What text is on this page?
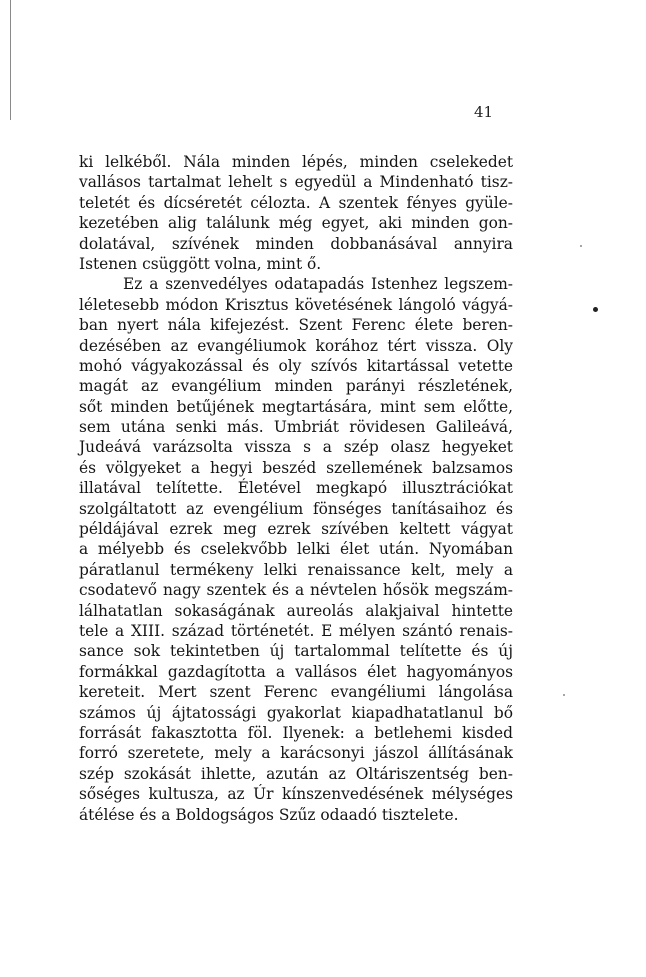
41
ki lelkéből. Nála minden lépés, minden cselekedet
vallásos tartalmat lehelt s egyedül a Mindenható tisz-
teletét és dícséretét célozta. A szentek fényes gyüle-
kezetében alig találunk még egyet, aki minden gon-
dolatával, szívének minden dobbanásával annyira
Istenen csüggött volna, mint ő.
Ez a szenvedélyes odatapadás Istenhez legszem-
léletesebb módon Krisztus követésének lángoló vágyá-
ban nyert nála kifejezést. Szent Ferenc élete beren-
dezésében az evangéliumok korához tért vissza. Oly
mohó vágyakozással és oly szívós kitartással vetette
magát az evangélium minden parányi részletének,
sőt minden betűjének megtartására, mint sem előtte,
sem utána senki más. Umbriát rövidesen Galileává,
Judeává varázsolta vissza s a szép olasz hegyeket
és völgyeket a hegyi beszéd szellemének balzsamos
illatával telítette. Életével megkapó illusztrációkat
szolgáltatott az evengélium fönséges tanításaihoz és
példájával ezrek meg ezrek szívében keltett vágyat
a mélyebb és cselekvőbb lelki élet után. Nyomában
páratlanul termékeny lelki renaissance kelt, mely a
csodatevő nagy szentek és a névtelen hősök megszám-
lálhatatlan sokaságának aureolás alakjaival hintette
tele a XIII. század történetét. E mélyen szántó renais-
sance sok tekintetben új tartalommal telítette és új
formákkal gazdagította a vallásos élet hagyományos
kereteit. Mert szent Ferenc evangéliumi lángolása
számos új ájtatossági gyakorlat kiapadhatatlanul bő
forrását fakasztotta föl. Ilyenek: a betlehemi kisded
forró szeretete, mely a karácsonyi jászol állításának
szép szokását ihlette, azután az Oltáriszentség ben-
sőséges kultusza, az Úr kínszenvedésének mélységes
átélése és a Boldogságos Szűz odaadó tisztelete.
